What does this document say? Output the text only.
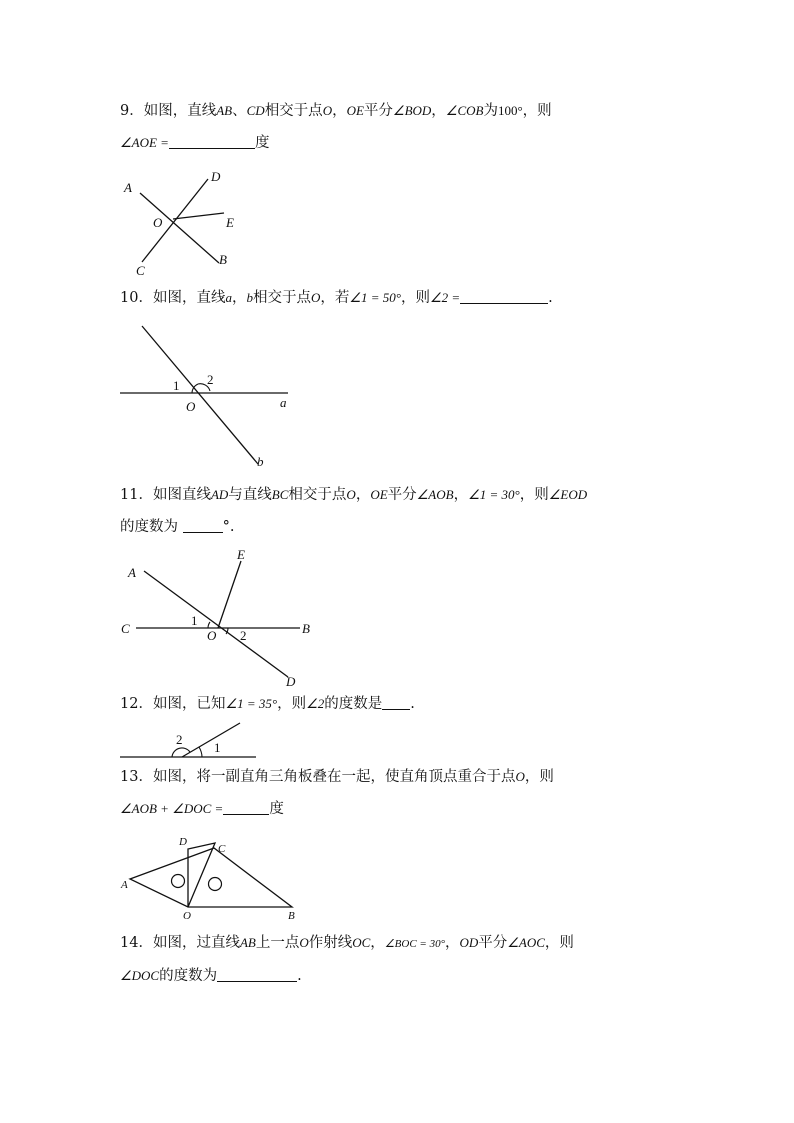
9．如图，直线AB、CD相交于点O，OE平分∠BOD，∠COB为100°，则
∠AOE =	度
A
D
O	E
C
B
10．如图，直线a，b相交于点O，若∠1 = 50°，则∠2 =	.
1 2
O	a
b
11．如图直线AD与直线BC相交于点O，OE平分∠AOB，∠1 = 30°，则∠EOD
的度数为	°.
E
A
C
1
O 2	B
D
12．如图，已知∠1 = 35°，则∠2的度数是 .
2
1
13．如图，将一副直角三角板叠在一起，使直角顶点重合于点O，则
∠AOB + ∠DOC =	度
D
C
A
O	B
14．如图，过直线AB上一点O作射线OC，∠BOC = 30°，OD平分∠AOC，则
∠DOC的度数为	.
